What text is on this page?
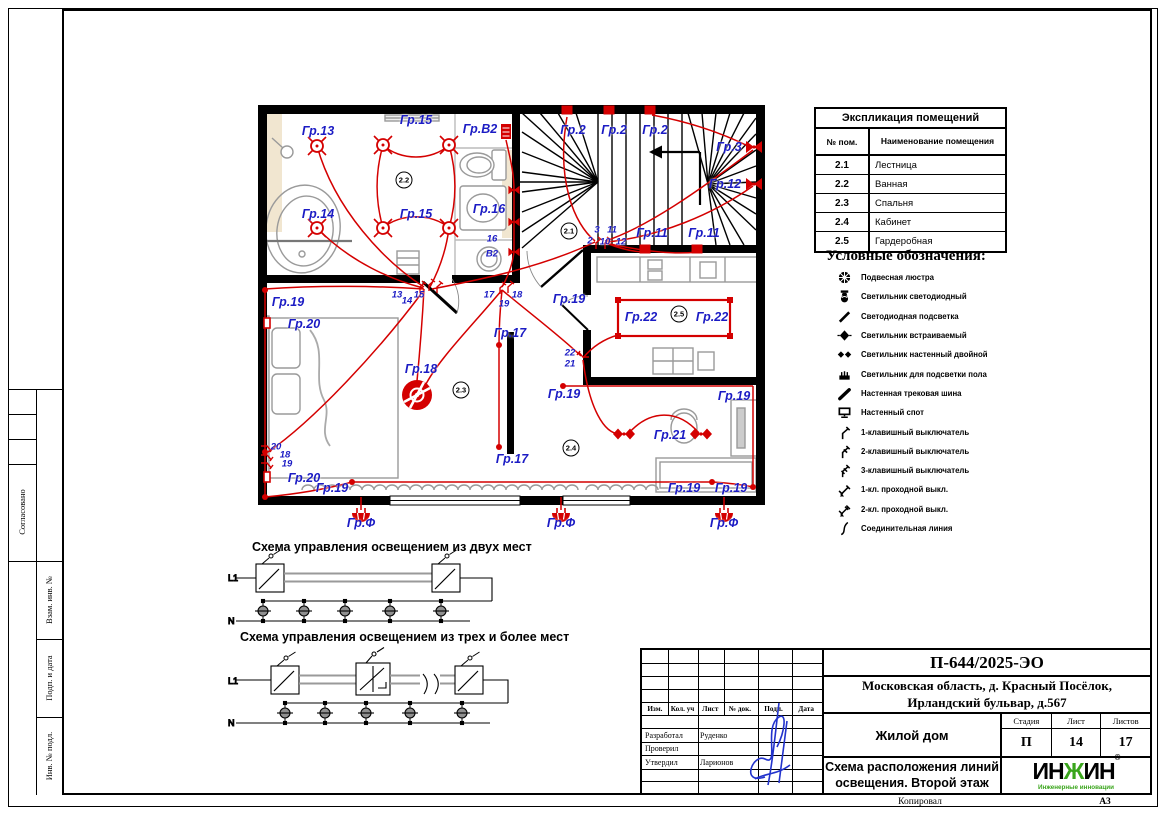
Согласовано
Взам. инв. №
Подп. и дата
Инв. № подл.
L1
N
L1
N
Гр.13
Гр.15
Гр.В2	Гр.2 Гр.2 Гр.2
Гр.3
Гр.12
Гр.11 Гр.11
Гр.14	Гр.15	Гр.16
16
В2
Гр.19
Гр.20
13
14
15	17 18
19	Гр.19
Гр.17
Гр.18
3 11
2 10 12
22
21
Гр.22	Гр.22
Гр.19	Гр.19
Гр.21
Гр.17
20
18
19
Гр.20
Гр.19	Гр.19 Гр.19
Гр.Ф	Гр.Ф	Гр.Ф
2.1
2.2
2.3
2.4
2.5
Схема управления освещением из двух мест
Схема управления освещением из трех и более мест
Экспликация помещений
№ пом.	Наименование помещения
2.1	Лестница
2.2	Ванная
2.3	Спальня
2.4	Кабинет
2.5	Гардеробная
Условные обозначения:
Подвесная люстра
Светильник светодиодный
Светодиодная подсветка
Светильник встраиваемый
Светильник настенный двойной
Светильник для подсветки пола
Настенная трековая шина
Настенный спот
1-клавишный выключатель
2-клавишный выключатель
3-клавишный выключатель
1-кл. проходной выкл.
2-кл. проходной выкл.
Соединительная линия
Изм.	Кол. уч	Лист	№ док.	Подп.	Дата
Разработал	Руденко
Проверил
Утвердил	Ларионов
П-644/2025-ЭО
Московская область, д. Красный Посёлок,
Ирландский бульвар, д.567
Жилой дом
Стадия	Лист	Листов
П	14	17
Схема расположения линий
освещения. Второй этаж ИНЖИН®
Инженерные инновации
Копировал	А3
